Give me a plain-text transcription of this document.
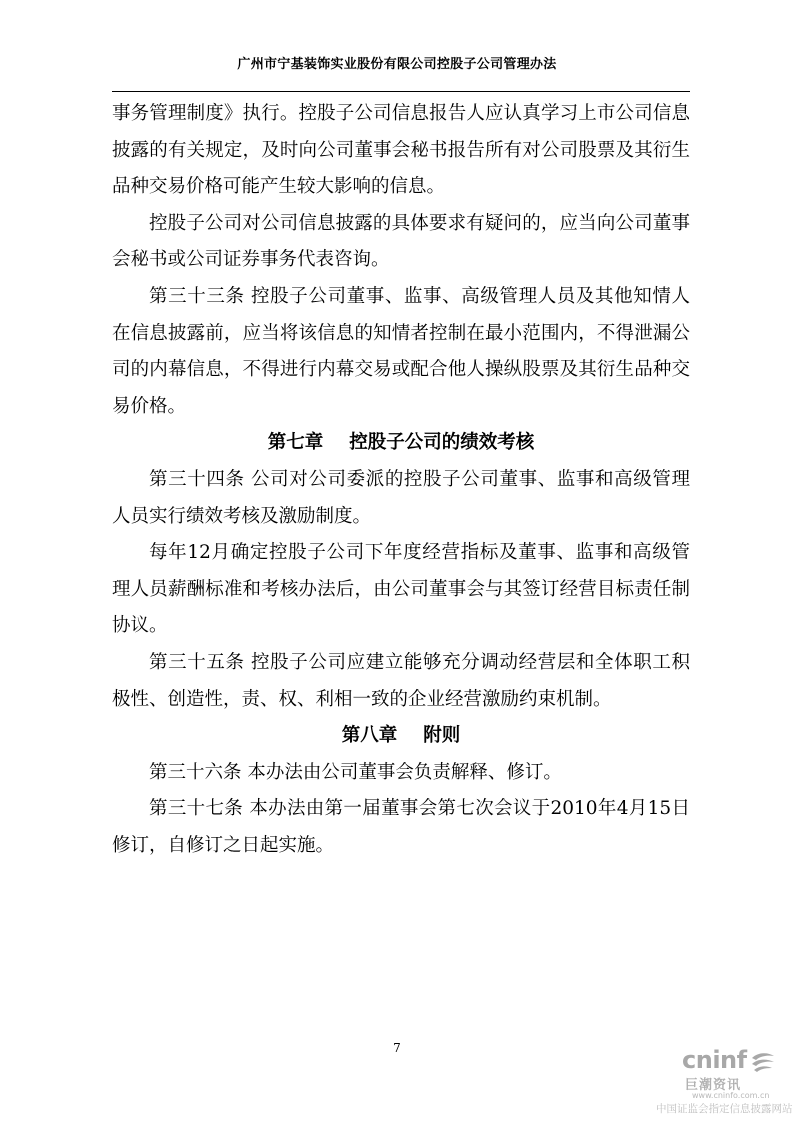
广州市宁基装饰实业股份有限公司控股子公司管理办法

事务管理制度》执行。控股子公司信息报告人应认真学习上市公司信息披露的有关规定，及时向公司董事会秘书报告所有对公司股票及其衍生品种交易价格可能产生较大影响的信息。

控股子公司对公司信息披露的具体要求有疑问的，应当向公司董事会秘书或公司证券事务代表咨询。

第三十三条 控股子公司董事、监事、高级管理人员及其他知情人在信息披露前，应当将该信息的知情者控制在最小范围内，不得泄漏公司的内幕信息，不得进行内幕交易或配合他人操纵股票及其衍生品种交易价格。

第七章 控股子公司的绩效考核

第三十四条 公司对公司委派的控股子公司董事、监事和高级管理人员实行绩效考核及激励制度。

每年12月确定控股子公司下年度经营指标及董事、监事和高级管理人员薪酬标准和考核办法后，由公司董事会与其签订经营目标责任制协议。

第三十五条 控股子公司应建立能够充分调动经营层和全体职工积极性、创造性，责、权、利相一致的企业经营激励约束机制。

第八章 附则

第三十六条 本办法由公司董事会负责解释、修订。

第三十七条 本办法由第一届董事会第七次会议于2010年4月15日修订，自修订之日起实施。

7	cninf
巨潮资讯
www.cninfo.com.cn
中国证监会指定信息披露网站
